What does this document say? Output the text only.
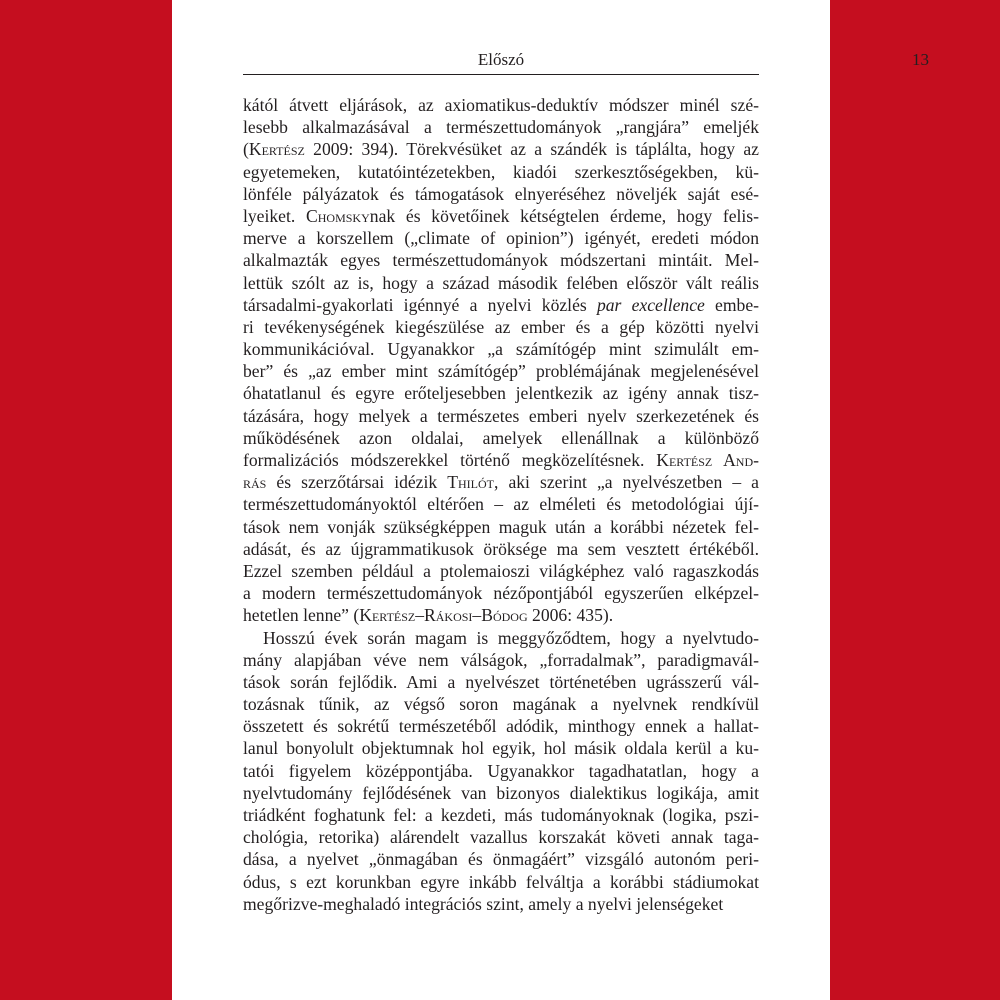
Előszó	13
kától átvett eljárások, az axiomatikus-deduktív módszer minél szé-
lesebb alkalmazásával a természettudományok „rangjára” emeljék
(Kertész 2009: 394). Törekvésüket az a szándék is táplálta, hogy az
egyetemeken, kutatóintézetekben, kiadói szerkesztőségekben, kü-
lönféle pályázatok és támogatások elnyeréséhez növeljék saját esé-
lyeiket. Chomskynak és követőinek kétségtelen érdeme, hogy felis-
merve a korszellem („climate of opinion”) igényét, eredeti módon
alkalmazták egyes természettudományok módszertani mintáit. Mel-
lettük szólt az is, hogy a század második felében először vált reális
társadalmi-gyakorlati igénnyé a nyelvi közlés par excellence embe-
ri tevékenységének kiegészülése az ember és a gép közötti nyelvi
kommunikációval. Ugyanakkor „a számítógép mint szimulált em-
ber” és „az ember mint számítógép” problémájának megjelenésével
óhatatlanul és egyre erőteljesebben jelentkezik az igény annak tisz-
tázására, hogy melyek a természetes emberi nyelv szerkezetének és
működésének azon oldalai, amelyek ellenállnak a különböző
formalizációs módszerekkel történő megközelítésnek. Kertész And-
rás és szerzőtársai idézik Thilót, aki szerint „a nyelvészetben – a
természettudományoktól eltérően – az elméleti és metodológiai újí-
tások nem vonják szükségképpen maguk után a korábbi nézetek fel-
adását, és az újgrammatikusok öröksége ma sem vesztett értékéből.
Ezzel szemben például a ptolemaioszi világképhez való ragaszkodás
a modern természettudományok nézőpontjából egyszerűen elképzel-
hetetlen lenne” (Kertész–Rákosi–Bódog 2006: 435).
Hosszú évek során magam is meggyőződtem, hogy a nyelvtudo-
mány alapjában véve nem válságok, „forradalmak”, paradigmavál-
tások során fejlődik. Ami a nyelvészet történetében ugrásszerű vál-
tozásnak tűnik, az végső soron magának a nyelvnek rendkívül
összetett és sokrétű természetéből adódik, minthogy ennek a hallat-
lanul bonyolult objektumnak hol egyik, hol másik oldala kerül a ku-
tatói figyelem középpontjába. Ugyanakkor tagadhatatlan, hogy a
nyelvtudomány fejlődésének van bizonyos dialektikus logikája, amit
triádként foghatunk fel: a kezdeti, más tudományoknak (logika, pszi-
chológia, retorika) alárendelt vazallus korszakát követi annak taga-
dása, a nyelvet „önmagában és önmagáért” vizsgáló autonóm peri-
ódus, s ezt korunkban egyre inkább felváltja a korábbi stádiumokat
megőrizve-meghaladó integrációs szint, amely a nyelvi jelenségeket
